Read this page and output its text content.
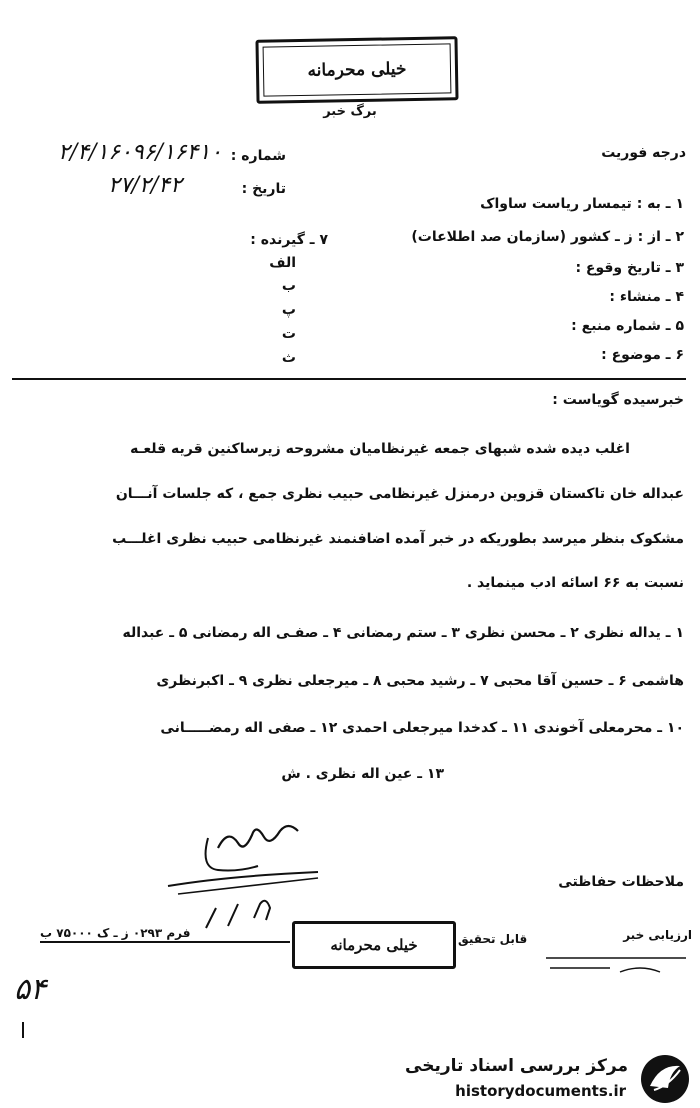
خیلی محرمانه
برگ خبر
درجه فوریت
شماره :
۲/۴/۱۶۰۹۶/۱۶۴۱۰
تاریخ :
۲۷/۲/۴۲
۱ ـ به : تیمسار ریاست ساواک
۲ ـ از : ز ـ کشور (سازمان صد اطلاعات)
۳ ـ تاریخ وقوع :
۴ ـ منشاء :
۵ ـ شماره منبع :
۶ ـ موضوع :
۷ ـ گیرنده :
الف
ب
پ
ت
ث
خبرسیده گویاست :
اغلب دیده شده شبهای جمعه غیرنظامیان مشروحه زیرساکنین قریه قلعـه
عبداله خان تاکستان قزوین درمنزل غیرنظامی حبیب نظری جمع ، که جلسات آنـــان
مشکوک بنظر میرسد بطوریکه در خبر آمده اضافنمند غیرنظامی حبیب نظری اغلـــب
نسبت به ۶۶ اسائه ادب مینماید .
۱ ـ یداله نظری ۲ ـ محسن نظری ۳ ـ ستم رمضانی ۴ ـ صفـی اله رمضانی ۵ ـ عبداله
هاشمی ۶ ـ حسین آقا محبی ۷ ـ رشید محبی ۸ ـ میرجعلی نظری ۹ ـ اکبرنظری
۱۰ ـ محرمعلی آخوندی ۱۱ ـ کدخدا میرجعلی احمدی ۱۲ ـ صفی اله رمضـــــانی
۱۳ ـ عین اله نظری . ش
ملاحظات حفاظتی
فرم ۰۲۹۳ ز ـ ک ۷۵۰۰۰ ب
خیلی محرمانه	قابل تحقیق	ارزیابی خبر
۵۴
مرکز بررسی اسناد تاریخی
historydocuments.ir
